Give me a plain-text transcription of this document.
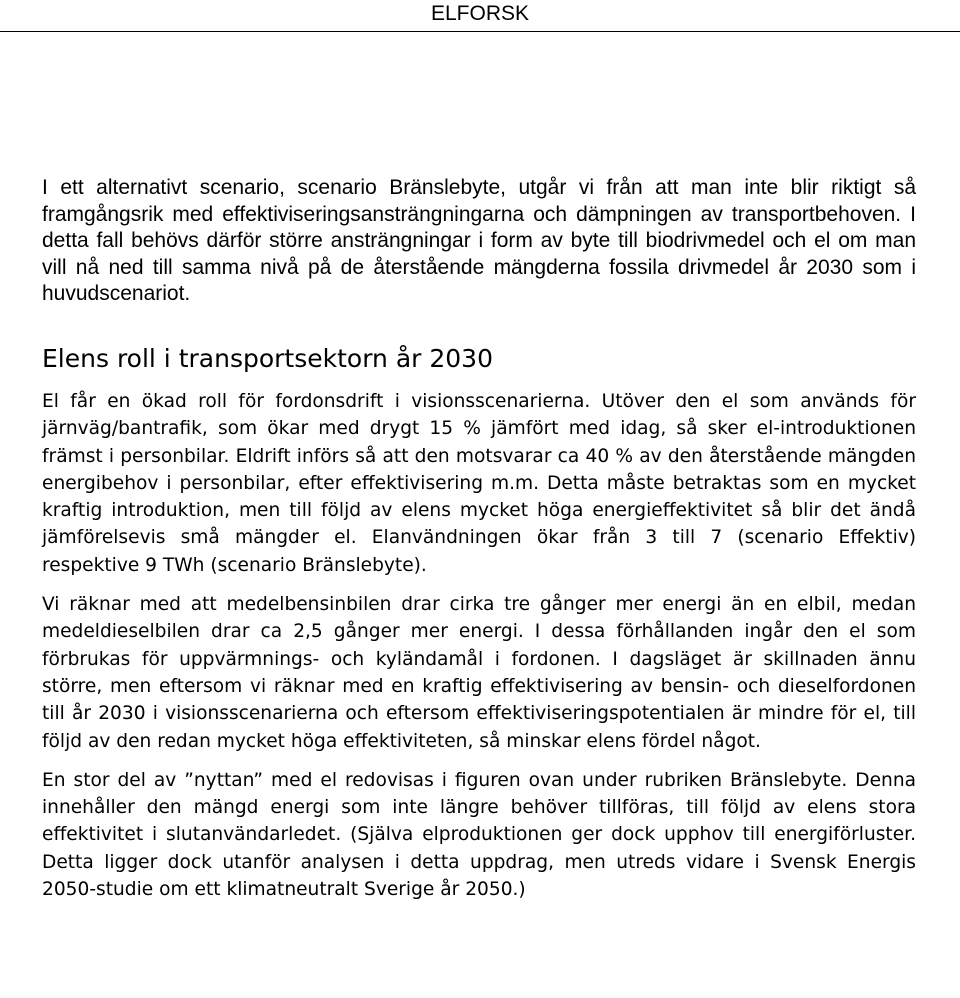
ELFORSK

I ett alternativt scenario, scenario Bränslebyte, utgår vi från att man inte blir riktigt så framgångsrik med effektiviseringsansträngningarna och dämpningen av transportbehoven. I detta fall behövs därför större ansträngningar i form av byte till biodrivmedel och el om man vill nå ned till samma nivå på de återstående mängderna fossila drivmedel år 2030 som i huvudscenariot.

Elens roll i transportsektorn år 2030

El får en ökad roll för fordonsdrift i visionsscenarierna. Utöver den el som används för järnväg/bantrafik, som ökar med drygt 15 % jämfört med idag, så sker el-introduktionen främst i personbilar. Eldrift införs så att den motsvarar ca 40 % av den återstående mängden energibehov i personbilar, efter effektivisering m.m. Detta måste betraktas som en mycket kraftig introduktion, men till följd av elens mycket höga energieffektivitet så blir det ändå jämförelsevis små mängder el. Elanvändningen ökar från 3 till 7 (scenario Effektiv) respektive 9 TWh (scenario Bränslebyte).

Vi räknar med att medelbensinbilen drar cirka tre gånger mer energi än en elbil, medan medeldieselbilen drar ca 2,5 gånger mer energi. I dessa förhållanden ingår den el som förbrukas för uppvärmnings- och kyländamål i fordonen. I dagsläget är skillnaden ännu större, men eftersom vi räknar med en kraftig effektivisering av bensin- och dieselfordonen till år 2030 i visionsscenarierna och eftersom effektiviseringspotentialen är mindre för el, till följd av den redan mycket höga effektiviteten, så minskar elens fördel något.

En stor del av ”nyttan” med el redovisas i figuren ovan under rubriken Bränslebyte. Denna innehåller den mängd energi som inte längre behöver tillföras, till följd av elens stora effektivitet i slutanvändarledet. (Själva elproduktionen ger dock upphov till energiförluster. Detta ligger dock utanför analysen i detta uppdrag, men utreds vidare i Svensk Energis 2050-studie om ett klimatneutralt Sverige år 2050.)
